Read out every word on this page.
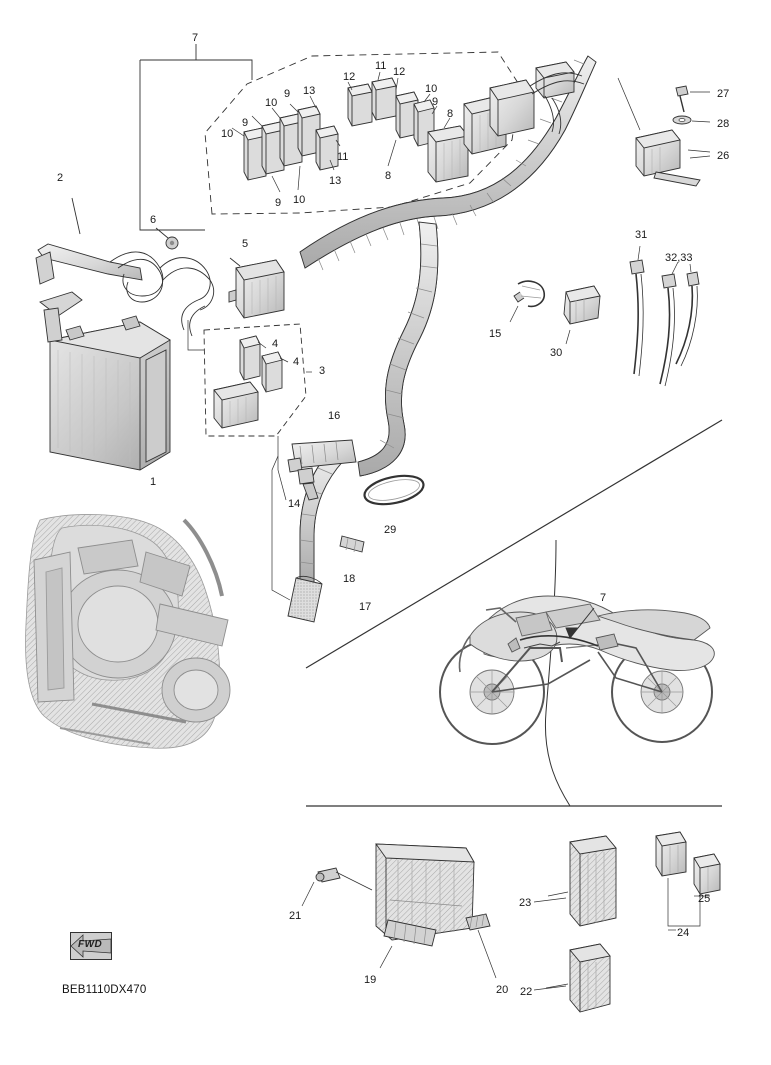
FWD
BEB1110DX470
7
12
11 12
13
10
9	10
9
8
9
10
11
13	8
9 10
27
28
26
2
6
5
31
32,33
15
30
4
4
3
16
1
14
29
18
17
7
21
23	25
24
19
20 22
